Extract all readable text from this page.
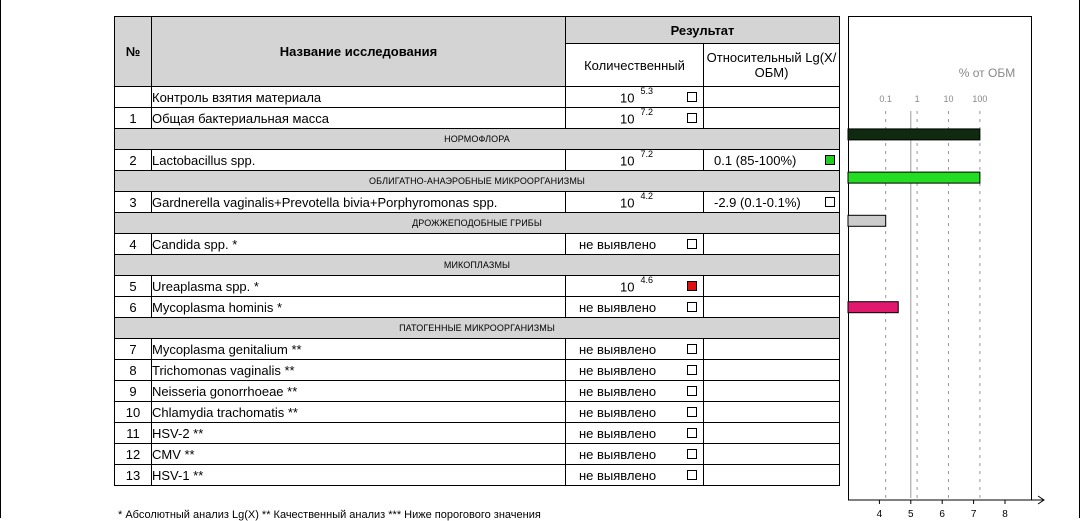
№	Название исследования	Результат	
		Количественный	Относительный Lg(X/ОБМ)
	Контроль взятия материала	10 $^{5.3}$

1	Общая бактериальная масса	10 $^{7.2}$

НОРМОФЛОРА			
2	Lactobacillus spp.	10 $^{7.2}$	0.1 (85-100%)

ОБЛИГАТНО-АНАЭРОБНЫЕ МИКРООРГАНИЗМЫ			
3	Gardnerella vaginalis+Prevotella bivia+Porphyromonas spp.	10 $^{4.2}$	-2.9 (0.1-0.1%)

ДРОЖЖЕПОДОБНЫЕ ГРИБЫ			
4	Candida spp. *	не выявлено	

МИКОПЛАЗМЫ			
5	Ureaplasma spp. *	10 $^{4.6}$

6	Mycoplasma hominis *	не выявлено	

ПАТОГЕННЫЕ МИКРООРГАНИЗМЫ			
7	Mycoplasma genitalium **	не выявлено	

8	Trichomonas vaginalis **	не выявлено	

9	Neisseria gonorrhoeae **	не выявлено	

10	Chlamydia trachomatis **	не выявлено	

11	HSV-2 **	не выявлено	

12	CMV **	не выявлено	

13	HSV-1 **	не выявлено	

% от ОБМ
0.1	1	10 100
4	5	6	7	8
* Абсолютный анализ Lg(X) ** Качественный анализ *** Ниже порогового значения
